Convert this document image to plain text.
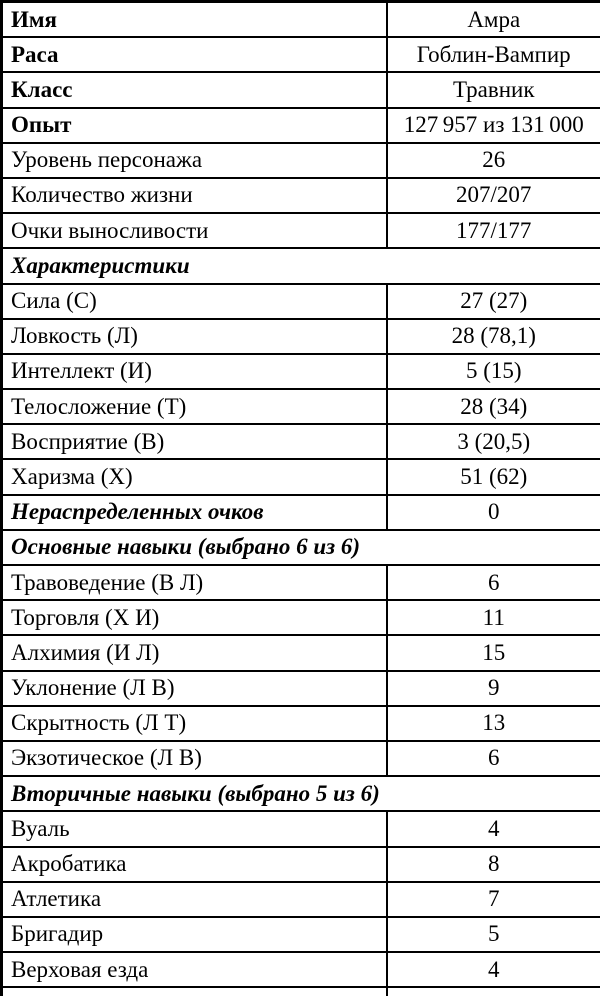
Имя	Амра
Раса	Гоблин-Вампир
Класс	Травник
Опыт	127 957 из 131 000
Уровень персонажа	26
Количество жизни	207/207
Очки выносливости	177/177
Характеристики	
Сила (С)	27 (27)
Ловкость (Л)	28 (78,1)
Интеллект (И)	5 (15)
Телосложение (Т)	28 (34)
Восприятие (В)	3 (20,5)
Харизма (Х)	51 (62)
Нераспределенных очков	0
Основные навыки (выбрано 6 из 6)	
Травоведение (В Л)	6
Торговля (Х И)	11
Алхимия (И Л)	15
Уклонение (Л В)	9
Скрытность (Л Т)	13
Экзотическое (Л В)	6
Вторичные навыки (выбрано 5 из 6)	
Вуаль	4
Акробатика	8
Атлетика	7
Бригадир	5
Верховая езда	4
